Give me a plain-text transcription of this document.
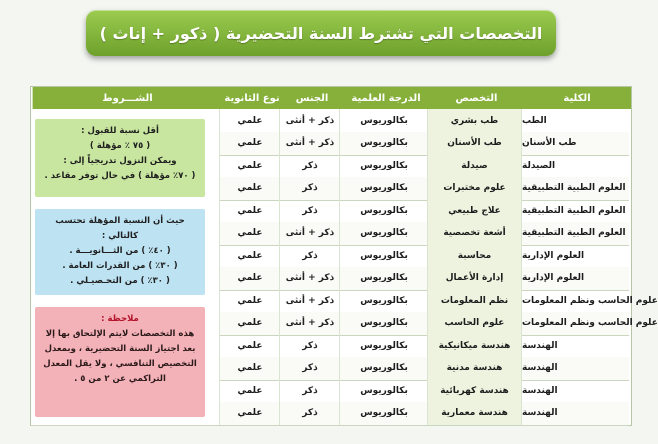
التخصصات التي تشترط السنة التحضيرية ( ذكور + إناث )
الكلية
التخصص
الدرجة العلمية
الجنس
نوع الثانوية
الشـــروط
الطب
طب بشري
بكالوريوس
ذكر + أنثى
علمي
طب الأسنان
طب الأسنان
بكالوريوس
ذكر + أنثى
علمي
الصيدلة
صيدلة
بكالوريوس
ذكر
علمي
العلوم الطبية التطبيقية
علوم مختبرات
بكالوريوس
ذكر
علمي
العلوم الطبية التطبيقية
علاج طبيعي
بكالوريوس
ذكر
علمي
العلوم الطبية التطبيقية
أشعة تخصصية
بكالوريوس
ذكر + أنثى
علمي
العلوم الإدارية
محاسبة
بكالوريوس
ذكر
علمي
العلوم الإدارية
إدارة الأعمال
بكالوريوس
ذكر + أنثى
علمي
علوم الحاسب ونظم المعلومات
نظم المعلومات
بكالوريوس
ذكر + أنثى
علمي
علوم الحاسب ونظم المعلومات
علوم الحاسب
بكالوريوس
ذكر + أنثى
علمي
الهندسة
هندسة ميكانيكية
بكالوريوس
ذكر
علمي
الهندسة
هندسة مدنية
بكالوريوس
ذكر
علمي
الهندسة
هندسة كهربائية
بكالوريوس
ذكر
علمي
الهندسة
هندسة معمارية
بكالوريوس
ذكر
علمي

أقل نسبة للقبول :

( ٧٥ ٪ مؤهلة )

ويمكن النزول تدريجياً إلى :

( ٧٠٪ مؤهلة ) في حال توفر مقاعد .

حيث أن النسبة المؤهلة تحتسب كالتالي :

( ٤٠٪ ) من الثـــانويـــة .

( ٣٠٪ ) من القدرات العامة .

( ٣٠٪ ) من التحـصيـلي .

ملاحظة :

هذه التخصصات لايتم الإلتحاق بها إلا

بعد اجتياز السنة التحضيرية ، وبمعدل

التخصيص التنافسي ، ولا يقل المعدل

التراكمي عن ٢ من ٥ .
